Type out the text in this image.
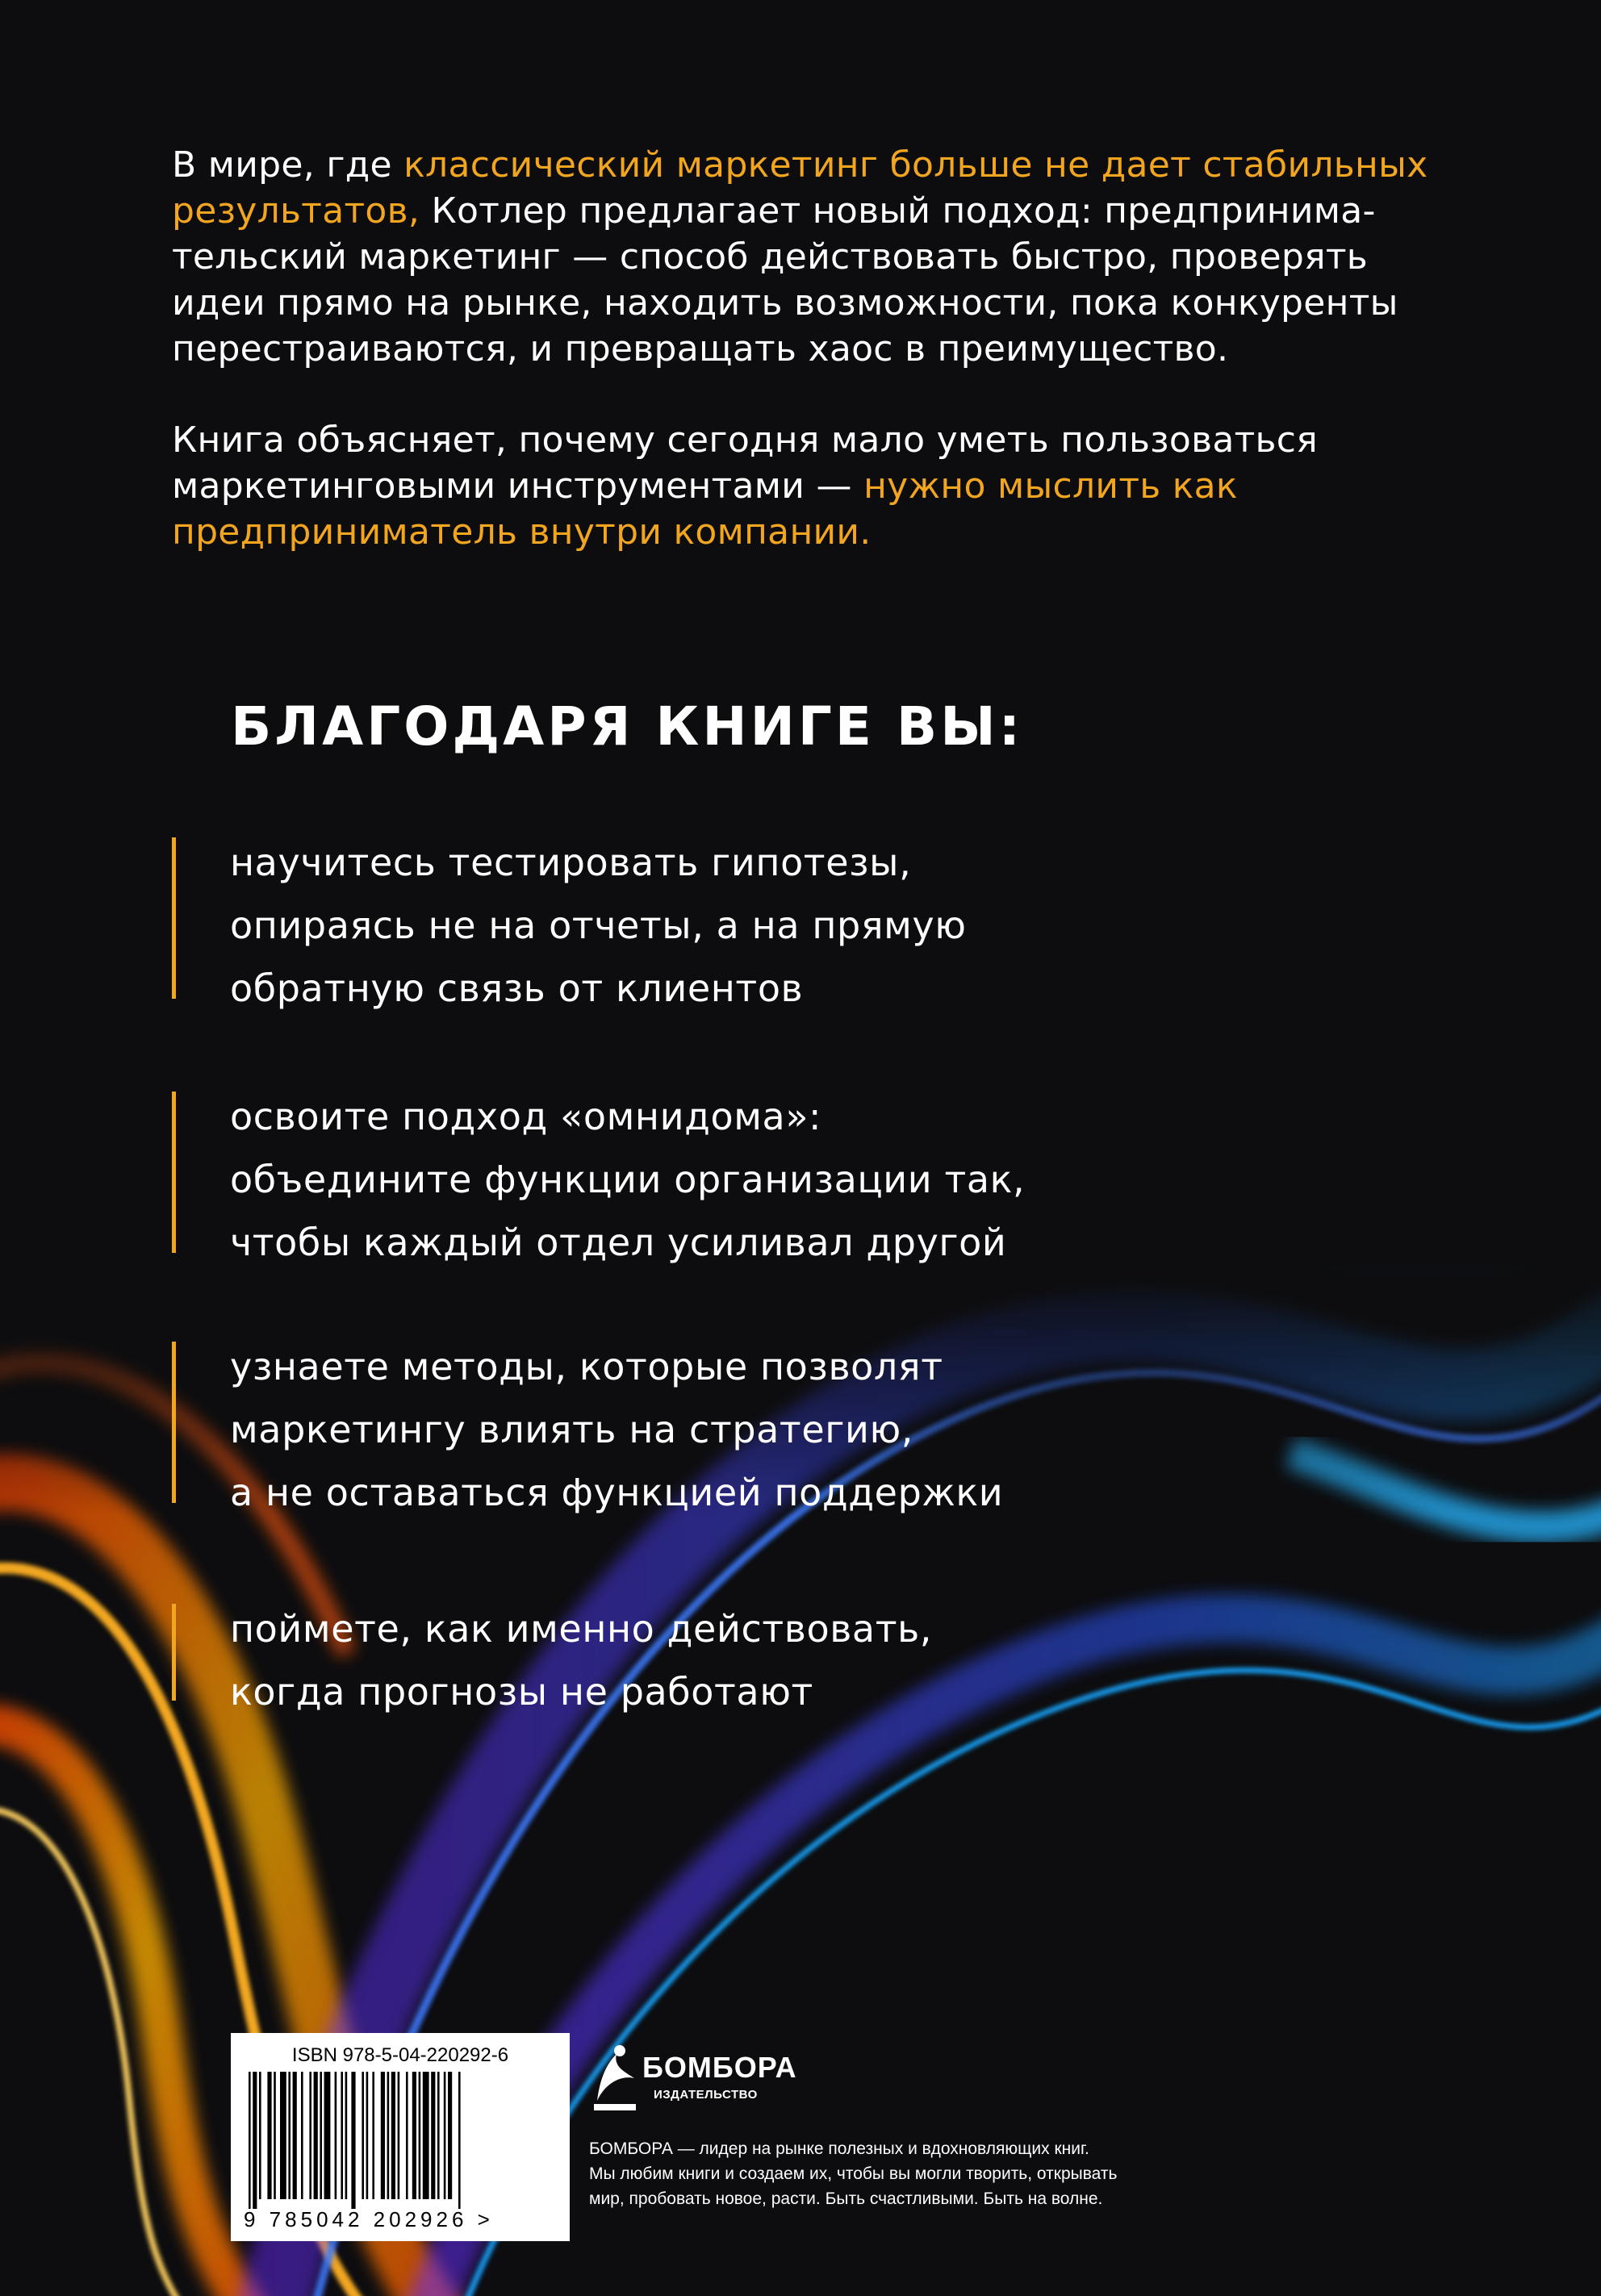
В мире, где классический маркетинг больше не дает стабильных результатов, Котлер предлагает новый подход: предпринима-тельский маркетинг — способ действовать быстро, проверять идеи прямо на рынке, находить возможности, пока конкуренты перестраиваются, и превращать хаос в преимущество.

Книга объясняет, почему сегодня мало уметь пользоваться маркетинговыми инструментами — нужно мыслить как предприниматель внутри компании.

БЛАГОДАРЯ КНИГЕ ВЫ:
научитесь тестировать гипотезы,
опираясь не на отчеты, а на прямую
обратную связь от клиентов
освоите подход «омнидома»:
объедините функции организации так,
чтобы каждый отдел усиливал другой
узнаете методы, которые позволят
маркетингу влиять на стратегию,
а не оставаться функцией поддержки
поймете, как именно действовать,
когда прогнозы не работают
ISBN 978-5-04-220292-6
9 785042 202926 >
БОМБОРА
ИЗДАТЕЛЬСТВО
БОМБОРА — лидер на рынке полезных и вдохновляющих книг.
Мы любим книги и создаем их, чтобы вы могли творить, открывать
мир, пробовать новое, расти. Быть счастливыми. Быть на волне.
